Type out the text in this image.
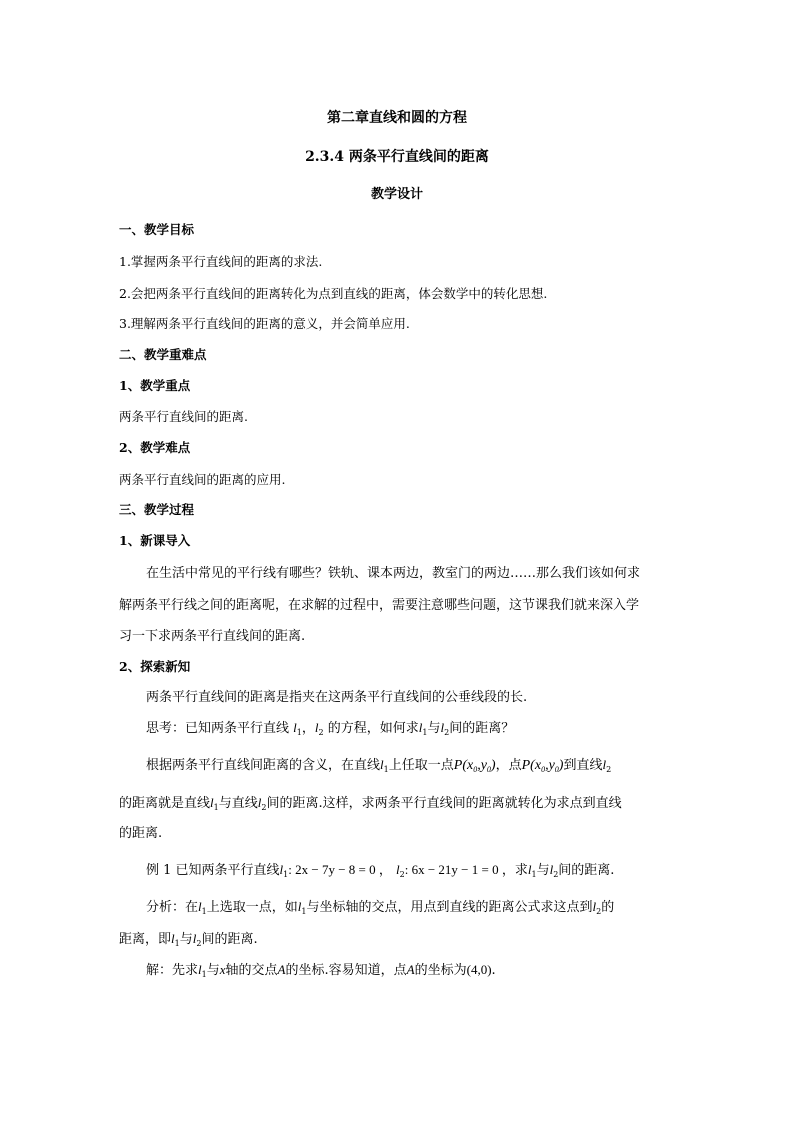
第二章直线和圆的方程
2.3.4 两条平行直线间的距离
教学设计
一、教学目标
1.掌握两条平行直线间的距离的求法.
2.会把两条平行直线间的距离转化为点到直线的距离，体会数学中的转化思想.
3.理解两条平行直线间的距离的意义，并会简单应用.
二、教学重难点
1、教学重点
两条平行直线间的距离.
2、教学难点
两条平行直线间的距离的应用.
三、教学过程
1、新课导入
在生活中常见的平行线有哪些？铁轨、课本两边，教室门的两边……那么我们该如何求
解两条平行线之间的距离呢，在求解的过程中，需要注意哪些问题，这节课我们就来深入学
习一下求两条平行直线间的距离.
2、探索新知
两条平行直线间的距离是指夹在这两条平行直线间的公垂线段的长.
思考：已知两条平行直线 $l_1$，$l_2$ 的方程，如何求$l_1$与$l_2$间的距离？
根据两条平行直线间距离的含义，在直线$l_1$上任取一点$P(x_0,y_0)$，点$P(x_0,y_0)$到直线$l_2$
的距离就是直线$l_1$与直线$l_2$间的距离.这样，求两条平行直线间的距离就转化为求点到直线
的距离.
例 1 已知两条平行直线$l_1$: 2x − 7y − 8 = 0 ， $l_2$: 6x − 21y − 1 = 0 ，求$l_1$与$l_2$间的距离.
分析：在$l_1$上选取一点，如$l_1$与坐标轴的交点，用点到直线的距离公式求这点到$l_2$的
距离，即$l_1$与$l_2$间的距离.
解：先求$l_1$与x轴的交点A的坐标.容易知道，点A的坐标为(4,0).
